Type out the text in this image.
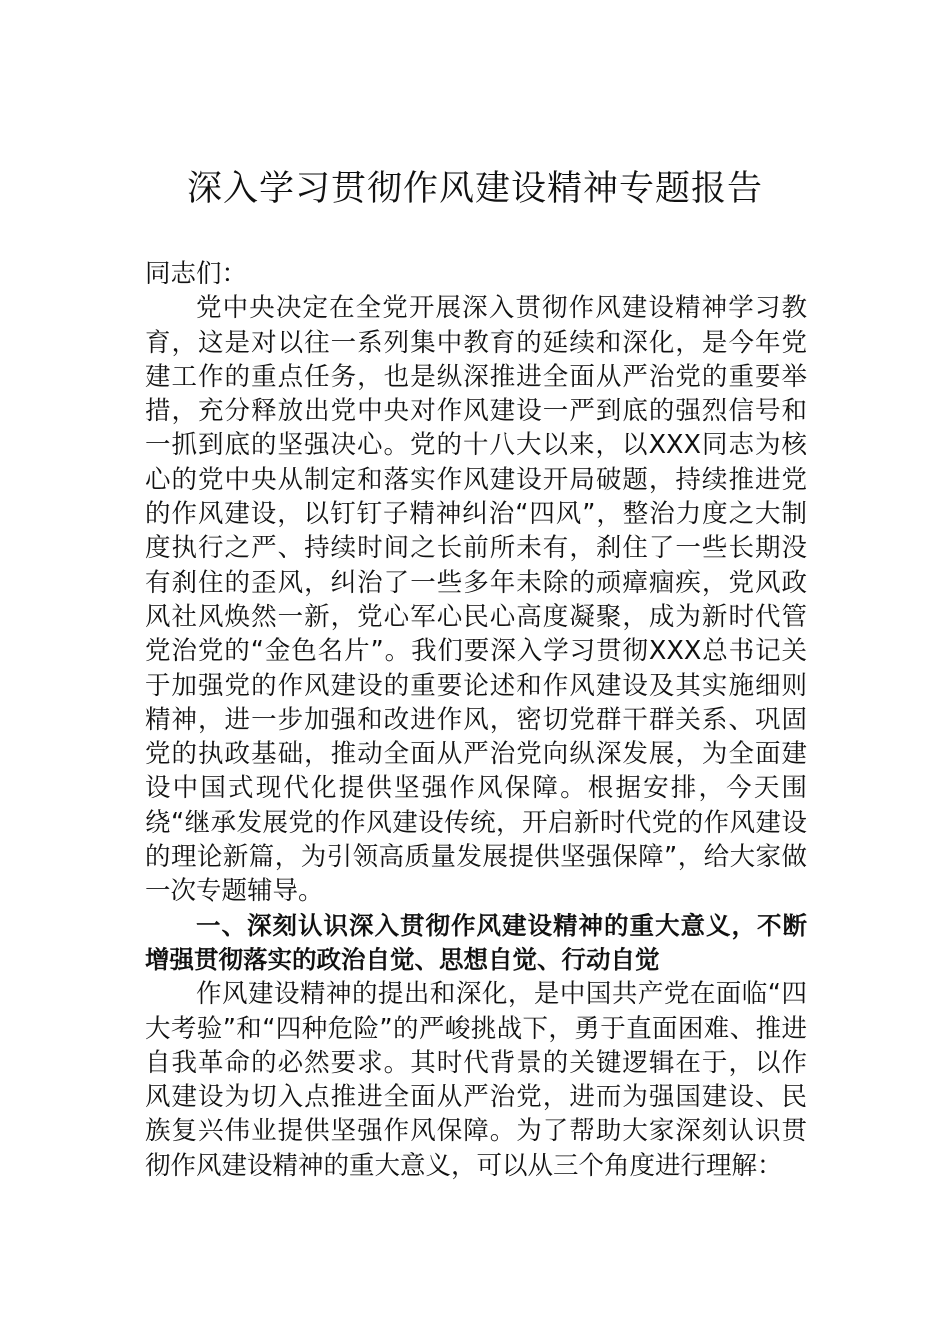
深入学习贯彻作风建设精神专题报告

同志们：

党中央决定在全党开展深入贯彻作风建设精神学习教育，这是对以往一系列集中教育的延续和深化，是今年党建工作的重点任务，也是纵深推进全面从严治党的重要举措，充分释放出党中央对作风建设一严到底的强烈信号和一抓到底的坚强决心。党的十八大以来，以XXX同志为核心的党中央从制定和落实作风建设开局破题，持续推进党的作风建设，以钉钉子精神纠治“四风”，整治力度之大制度执行之严、持续时间之长前所未有，刹住了一些长期没有刹住的歪风，纠治了一些多年未除的顽瘴痼疾，党风政风社风焕然一新，党心军心民心高度凝聚，成为新时代管党治党的“金色名片”。我们要深入学习贯彻XXX总书记关于加强党的作风建设的重要论述和作风建设及其实施细则精神，进一步加强和改进作风，密切党群干群关系、巩固党的执政基础，推动全面从严治党向纵深发展，为全面建设中国式现代化提供坚强作风保障。根据安排，今天围绕“继承发展党的作风建设传统，开启新时代党的作风建设的理论新篇，为引领高质量发展提供坚强保障”，给大家做一次专题辅导。

一、深刻认识深入贯彻作风建设精神的重大意义，不断增强贯彻落实的政治自觉、思想自觉、行动自觉

作风建设精神的提出和深化，是中国共产党在面临“四大考验”和“四种危险”的严峻挑战下，勇于直面困难、推进自我革命的必然要求。其时代背景的关键逻辑在于，以作风建设为切入点推进全面从严治党，进而为强国建设、民族复兴伟业提供坚强作风保障。为了帮助大家深刻认识贯彻作风建设精神的重大意义，可以从三个角度进行理解：
